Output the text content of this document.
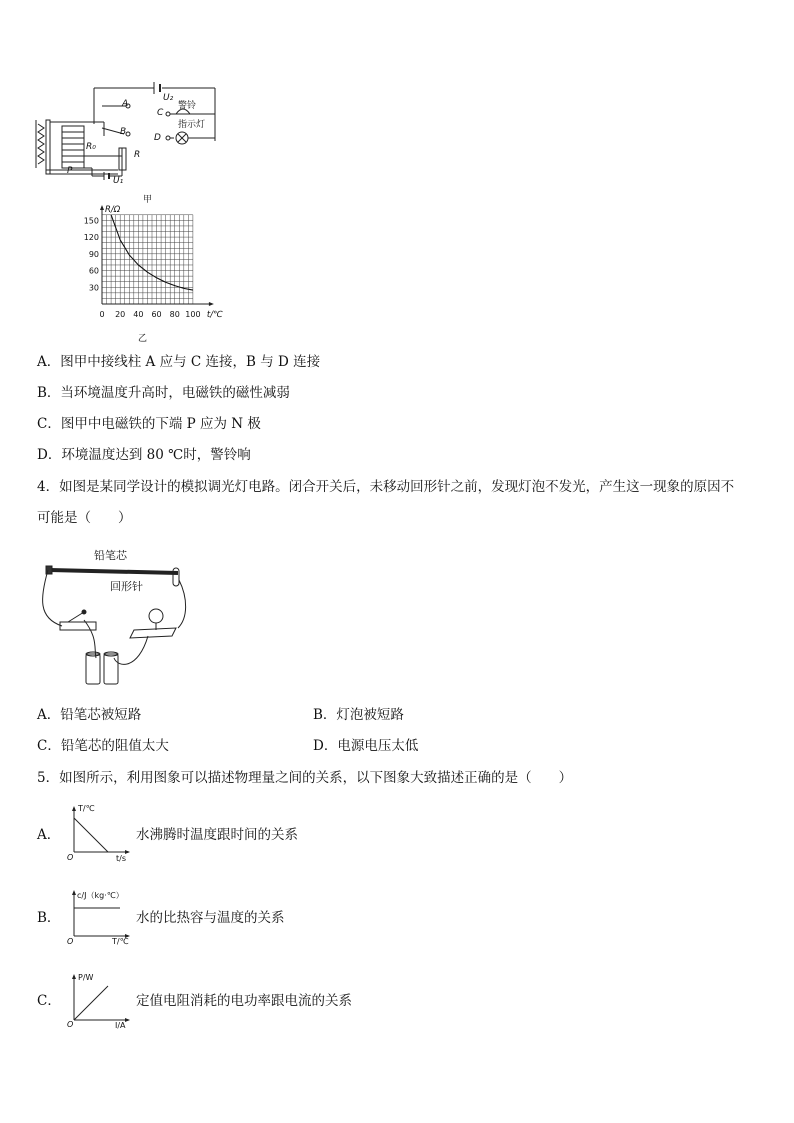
U₂
A	警铃
C
指示灯
B
D
R₀
R
P
U₁
甲
0 20 40 60 80 100
30
60
90
120
150
R/Ω
t/℃
乙
A．图甲中接线柱 A 应与 C 连接，B 与 D 连接
B．当环境温度升高时，电磁铁的磁性减弱
C．图甲中电磁铁的下端 P 应为 N 极
D．环境温度达到 80 ℃时，警铃响
4．如图是某同学设计的模拟调光灯电路。闭合开关后，未移动回形针之前，发现灯泡不发光，产生这一现象的原因不
可能是（　　）
铅笔芯
回形针
A．铅笔芯被短路	B．灯泡被短路
C．铅笔芯的阻值太大	D．电源电压太低
5．如图所示，利用图象可以描述物理量之间的关系，以下图象大致描述正确的是（　　）
A．
T/℃
O	t/s
水沸腾时温度跟时间的关系
B．
c/J（kg·℃）
O	T/℃
水的比热容与温度的关系
C．
P/W
O	I/A
定值电阻消耗的电功率跟电流的关系
